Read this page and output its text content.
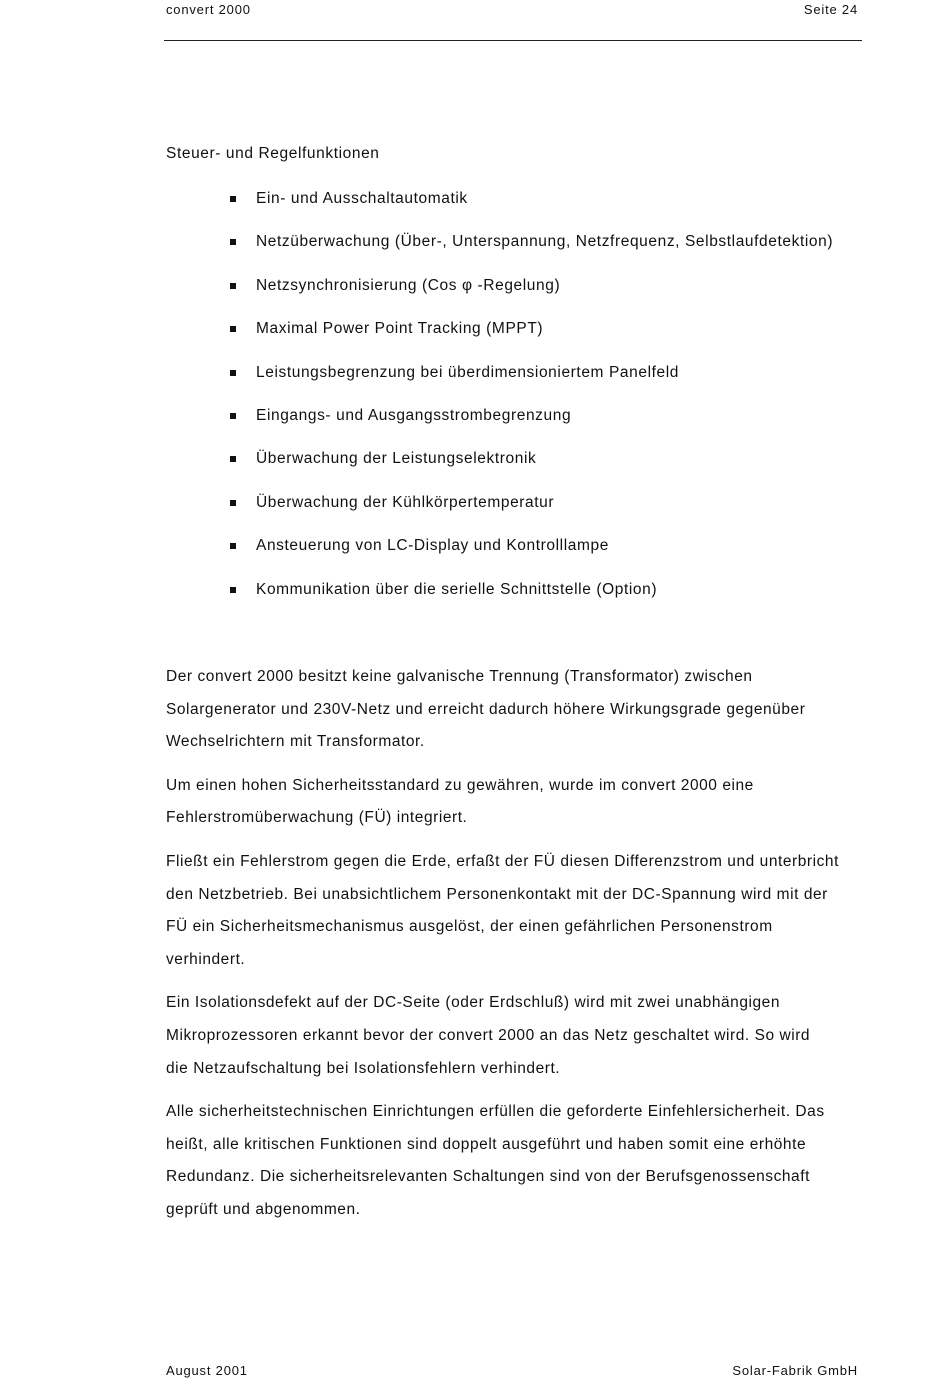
convert 2000	Seite 24
Steuer- und Regelfunktionen
Ein- und Ausschaltautomatik
Netzüberwachung (Über-, Unterspannung, Netzfrequenz, Selbstlaufdetektion)
Netzsynchronisierung (Cos φ -Regelung)
Maximal Power Point Tracking (MPPT)
Leistungsbegrenzung bei überdimensioniertem Panelfeld
Eingangs- und Ausgangsstrombegrenzung
Überwachung der Leistungselektronik
Überwachung der Kühlkörpertemperatur
Ansteuerung von LC-Display und Kontrolllampe
Kommunikation über die serielle Schnittstelle (Option)

Der convert 2000 besitzt keine galvanische Trennung (Transformator) zwischen
Solargenerator und 230V-Netz und erreicht dadurch höhere Wirkungsgrade gegenüber
Wechselrichtern mit Transformator.

Um einen hohen Sicherheitsstandard zu gewähren, wurde im convert 2000 eine
Fehlerstromüberwachung (FÜ) integriert.

Fließt ein Fehlerstrom gegen die Erde, erfaßt der FÜ diesen Differenzstrom und unterbricht
den Netzbetrieb. Bei unabsichtlichem Personenkontakt mit der DC-Spannung wird mit der
FÜ ein Sicherheitsmechanismus ausgelöst, der einen gefährlichen Personenstrom
verhindert.

Ein Isolationsdefekt auf der DC-Seite (oder Erdschluß) wird mit zwei unabhängigen
Mikroprozessoren erkannt bevor der convert 2000 an das Netz geschaltet wird. So wird
die Netzaufschaltung bei Isolationsfehlern verhindert.

Alle sicherheitstechnischen Einrichtungen erfüllen die geforderte Einfehlersicherheit. Das
heißt, alle kritischen Funktionen sind doppelt ausgeführt und haben somit eine erhöhte
Redundanz. Die sicherheitsrelevanten Schaltungen sind von der Berufsgenossenschaft
geprüft und abgenommen.

August 2001	Solar-Fabrik GmbH
